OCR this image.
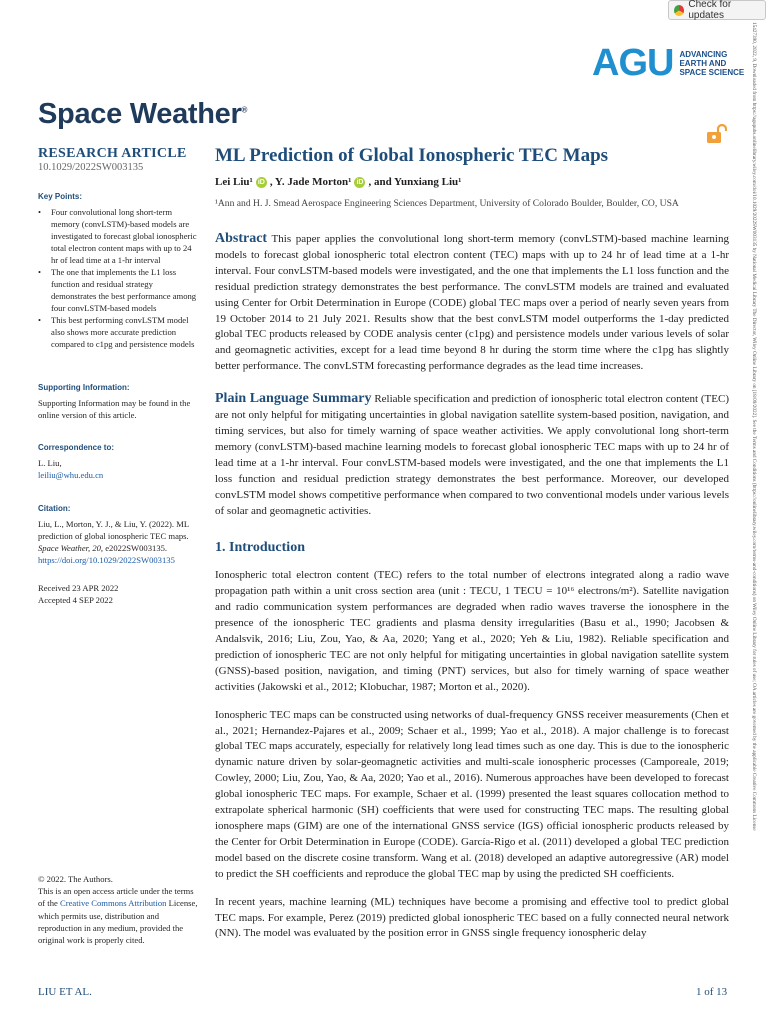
Check for updates
AGU ADVANCING
EARTH AND
SPACE SCIENCE
Space Weather®
RESEARCH ARTICLE
10.1029/2022SW003135
Key Points:
• Four convolutional long short-term memory (convLSTM)-based models are investigated to forecast global ionospheric total electron content maps with up to 24 hr of lead time at a 1-hr interval
• The one that implements the L1 loss function and residual strategy demonstrates the best performance among four convLSTM-based models
• This best performing convLSTM model also shows more accurate prediction compared to c1pg and persistence models
Supporting Information:
Supporting Information may be found in the online version of this article.
Correspondence to:
L. Liu,
leiliu@whu.edu.cn
Citation:
Liu, L., Morton, Y. J., & Liu, Y. (2022). ML prediction of global ionospheric TEC maps. Space Weather, 20, e2022SW003135. https://doi.org/10.1029/2022SW003135
Received 23 APR 2022
Accepted 4 SEP 2022
© 2022. The Authors.
This is an open access article under the terms of the Creative Commons Attribution License, which permits use, distribution and reproduction in any medium, provided the original work is properly cited.
ML Prediction of Global Ionospheric TEC Maps
Lei Liu¹ iD , Y. Jade Morton¹ iD , and Yunxiang Liu¹
¹Ann and H. J. Smead Aerospace Engineering Sciences Department, University of Colorado Boulder, Boulder, CO, USA
Abstract This paper applies the convolutional long short-term memory (convLSTM)-based machine learning models to forecast global ionospheric total electron content (TEC) maps with up to 24 hr of lead time at a 1-hr interval. Four convLSTM-based models were investigated, and the one that implements the L1 loss function and the residual prediction strategy demonstrates the best performance. The convLSTM models are trained and evaluated using Center for Orbit Determination in Europe (CODE) global TEC maps over a period of nearly seven years from 19 October 2014 to 21 July 2021. Results show that the best convLSTM model outperforms the 1-day predicted global TEC products released by CODE analysis center (c1pg) and persistence models under various levels of solar and geomagnetic activities, except for a lead time beyond 8 hr during the storm time where the c1pg has slightly better performance. The convLSTM forecasting performance degrades as the lead time increases.
Plain Language Summary Reliable specification and prediction of ionospheric total electron content (TEC) are not only helpful for mitigating uncertainties in global navigation satellite system-based position, navigation, and timing services, but also for timely warning of space weather activities. We apply convolutional long short-term memory (convLSTM)-based machine learning models to forecast global ionospheric TEC maps with up to 24 hr of lead time at a 1-hr interval. Four convLSTM-based models were investigated, and the one that implements the L1 loss function and residual prediction strategy demonstrates the best performance. Moreover, our developed convLSTM model shows competitive performance when compared to two conventional models under various levels of solar and geomagnetic activities.
1. Introduction
Ionospheric total electron content (TEC) refers to the total number of electrons integrated along a radio wave propagation path within a unit cross section area (unit : TECU, 1 TECU = 10¹⁶ electrons/m²). Satellite navigation and radio communication system performances are degraded when radio waves traverse the ionosphere in the presence of the ionospheric TEC gradients and plasma density irregularities (Basu et al., 1990; Jacobsen & Andalsvik, 2016; Liu, Zou, Yao, & Aa, 2020; Yang et al., 2020; Yeh & Liu, 1982). Reliable specification and prediction of ionospheric TEC are not only helpful for mitigating uncertainties in global navigation satellite system (GNSS)-based position, navigation, and timing (PNT) services, but also for timely warning of space weather activities (Jakowski et al., 2012; Klobuchar, 1987; Morton et al., 2020).
Ionospheric TEC maps can be constructed using networks of dual-frequency GNSS receiver measurements (Chen et al., 2021; Hernandez-Pajares et al., 2009; Schaer et al., 1999; Yao et al., 2018). A major challenge is to forecast global TEC maps accurately, especially for relatively long lead times such as one day. This is due to the ionospheric dynamic nature driven by solar-geomagnetic activities and multi-scale ionospheric processes (Camporeale, 2019; Cowley, 2000; Liu, Zou, Yao, & Aa, 2020; Yao et al., 2016). Numerous approaches have been developed to forecast global ionospheric TEC maps. For example, Schaer et al. (1999) presented the least squares collocation method to extrapolate spherical harmonic (SH) coefficients that were used for constructing TEC maps. The resulting global ionosphere maps (GIM) are one of the international GNSS service (IGS) official ionospheric products released by the Center for Orbit Determination in Europe (CODE). García-Rigo et al. (2011) developed a global TEC prediction model based on the discrete cosine transform. Wang et al. (2018) developed an adaptive autoregressive (AR) model to predict the SH coefficients and reproduce the global TEC map by using the predicted SH coefficients.
In recent years, machine learning (ML) techniques have become a promising and effective tool to predict global TEC maps. For example, Perez (2019) predicted global ionospheric TEC based on a fully connected neural network (NN). The model was evaluated by the position error in GNSS single frequency ionospheric delay
LIU ET AL.	1 of 13
15427390, 2022, 9, Downloaded from https://agupubs.onlinelibrary.wiley.com/doi/10.1029/2022SW003135 by National Medical Library The Director, Wiley Online Library on [18/09/2022]. See the Terms and Conditions (https://onlinelibrary.wiley.com/terms-and-conditions) on Wiley Online Library for rules of use; OA articles are governed by the applicable Creative Commons License
